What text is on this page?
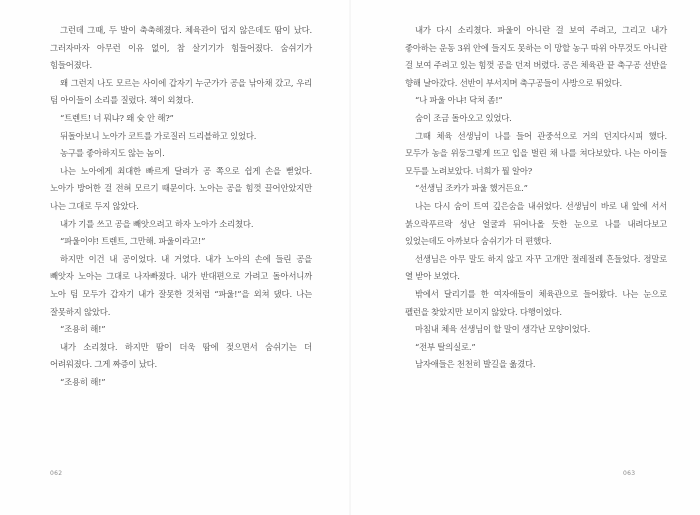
그런데 그때, 두 발이 축축해졌다. 체육관이 덥지 않은데도 땀이 났다. 그러자마자 아무런 이유 없이, 참 살기기가 힘들어졌다. 숨쉬기가 힘들어졌다.

왜 그런지 나도 모르는 사이에 갑자기 누군가가 공을 낚아채 갔고, 우리 팀 아이들이 소리를 질렀다. 책이 외쳤다.

“트렌트! 너 뭐냐? 왜 슛 안 해?”

뒤돌아보니 노아가 코트를 가로질러 드리블하고 있었다.

농구를 좋아하지도 않는 놈이.

나는 노아에게 최대한 빠르게 달려가 공 쪽으로 쉽게 손을 뻗었다. 노아가 방어한 걸 전혀 모르기 때문이다. 노아는 공을 힘껏 끌어안았지만 나는 그대로 두지 않았다.

내가 기를 쓰고 공을 빼앗으려고 하자 노아가 소리쳤다.

“파울이야! 트렌트, 그만해. 파울이라고!”

하지만 이건 내 공이었다. 내 거였다. 내가 노아의 손에 들린 공을 빼앗자 노아는 그대로 나자빠졌다. 내가 반대편으로 가려고 돌아서니까 노아 팀 모두가 갑자기 내가 잘못한 것처럼 “파울!”을 외쳐 댔다. 나는 잘못하지 않았다.

“조용히 해!”

내가 소리쳤다. 하지만 땀이 더욱 땀에 젖으면서 숨쉬기는 더 어려워졌다. 그게 짜증이 났다.

“조용히 해!”

내가 다시 소리쳤다. 파울이 아니란 걸 보여 주려고, 그리고 내가 좋아하는 운동 3위 안에 들지도 못하는 이 망할 농구 따위 아무것도 아니란 걸 보여 주려고 있는 힘껏 공을 던져 버렸다. 공은 체육관 끝 축구공 선반을 향해 날아갔다. 선반이 부서지며 축구공들이 사방으로 튀었다.

“나 파울 아냐! 닥쳐 좀!”

숨이 조금 돌아오고 있었다.

그때 체육 선생님이 나를 들어 관중석으로 거의 던지다시피 했다. 모두가 농을 위둥그렇게 뜨고 입을 벌린 채 나를 쳐다보았다. 나는 아이들 모두를 노려보았다. 너희가 뭘 알아?

“선생님 조카가 파울 했거든요.”

나는 다시 숨이 트여 깊은숨을 내쉬었다. 선생님이 바로 내 앞에 서서 붉으락푸르락 성난 얼굴과 뒤어나올 듯한 눈으로 나를 내려다보고 있었는데도 아까보다 숨쉬기가 더 편했다.

선생님은 아무 말도 하지 않고 자꾸 고개만 절레절레 흔들었다. 정말로 열 받아 보였다.

밖에서 달리기를 한 여자애들이 체육관으로 들어왔다. 나는 눈으로 펠런을 찾았지만 보이지 않았다. 다행이었다.

마침내 체육 선생님이 할 말이 생각난 모양이었다.

“전부 탈의실로.”

남자애들은 천천히 발길을 옮겼다.

062	063
